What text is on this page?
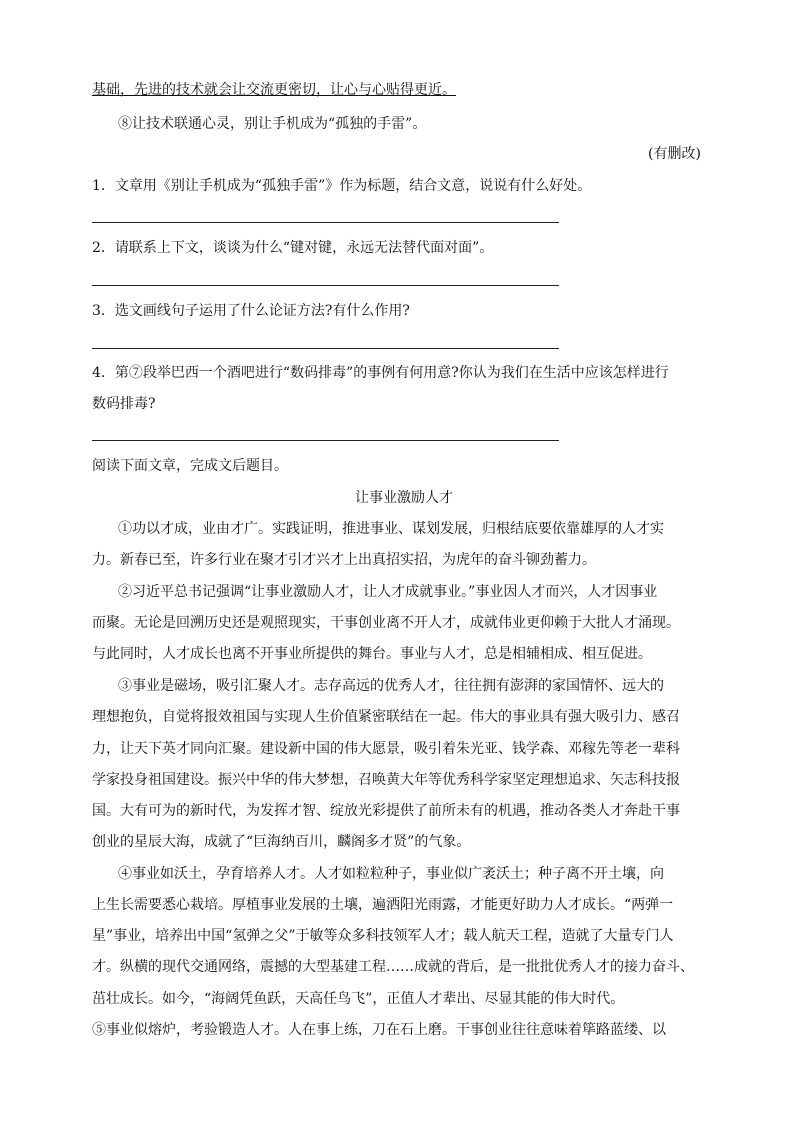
基础，先进的技术就会让交流更密切，让心与心贴得更近。
⑧让技术联通心灵，别让手机成为“孤独的手雷”。
(有删改)
1．文章用《别让手机成为“孤独手雷”》作为标题，结合文意，说说有什么好处。
2．请联系上下文，谈谈为什么“键对键，永远无法替代面对面”。
3．选文画线句子运用了什么论证方法?有什么作用?
4．第⑦段举巴西一个酒吧进行“数码排毒”的事例有何用意?你认为我们在生活中应该怎样进行
数码排毒?
阅读下面文章，完成文后题目。
让事业激励人才
①功以才成，业由才广。实践证明，推进事业、谋划发展，归根结底要依靠雄厚的人才实
力。新春已至，许多行业在聚才引才兴才上出真招实招，为虎年的奋斗铆劲蓄力。
②习近平总书记强调“让事业激励人才，让人才成就事业。”事业因人才而兴，人才因事业
而聚。无论是回溯历史还是观照现实，干事创业离不开人才，成就伟业更仰赖于大批人才涌现。
与此同时，人才成长也离不开事业所提供的舞台。事业与人才，总是相辅相成、相互促进。
③事业是磁场，吸引汇聚人才。志存高远的优秀人才，往往拥有澎湃的家国情怀、远大的
理想抱负，自觉将报效祖国与实现人生价值紧密联结在一起。伟大的事业具有强大吸引力、感召
力，让天下英才同向汇聚。建设新中国的伟大愿景，吸引着朱光亚、钱学森、邓稼先等老一辈科
学家投身祖国建设。振兴中华的伟大梦想，召唤黄大年等优秀科学家坚定理想追求、矢志科技报
国。大有可为的新时代，为发挥才智、绽放光彩提供了前所未有的机遇，推动各类人才奔赴干事
创业的星辰大海，成就了“巨海纳百川，麟阁多才贤”的气象。
④事业如沃土，孕育培养人才。人才如粒粒种子，事业似广袤沃土；种子离不开土壤，向
上生长需要悉心栽培。厚植事业发展的土壤，遍洒阳光雨露，才能更好助力人才成长。“两弹一
星”事业，培养出中国“氢弹之父”于敏等众多科技领军人才；载人航天工程，造就了大量专门人
才。纵横的现代交通网络，震撼的大型基建工程……成就的背后，是一批批优秀人才的接力奋斗、
茁壮成长。如今，“海阔凭鱼跃，天高任鸟飞”，正值人才辈出、尽显其能的伟大时代。
⑤事业似熔炉，考验锻造人才。人在事上练，刀在石上磨。干事创业往往意味着筚路蓝缕、以
